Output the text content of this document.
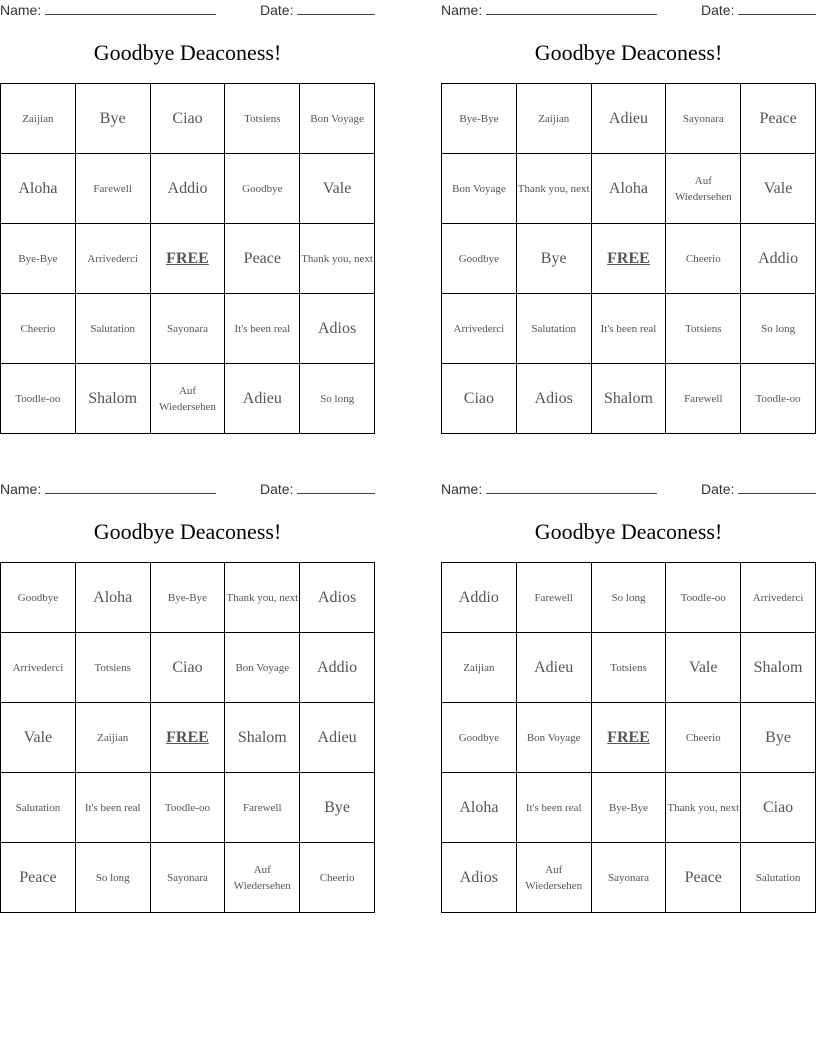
Name:	Date:
Goodbye Deaconess!
Zaijian	Bye	Ciao	Totsiens	Bon Voyage
Aloha	Farewell	Addio	Goodbye	Vale
Bye-Bye	Arrivederci	FREE	Peace	Thank you, next
Cheerio	Salutation	Sayonara	It's been real	Adios
Toodle-oo	Shalom	Auf Wiedersehen	Adieu	So long
Name:	Date:
Goodbye Deaconess!
Bye-Bye	Zaijian	Adieu	Sayonara	Peace
Bon Voyage	Thank you, next	Aloha	Auf Wiedersehen	Vale
Goodbye	Bye	FREE	Cheerio	Addio
Arrivederci	Salutation	It's been real	Totsiens	So long
Ciao	Adios	Shalom	Farewell	Toodle-oo
Name:	Date:
Goodbye Deaconess!
Goodbye	Aloha	Bye-Bye	Thank you, next	Adios
Arrivederci	Totsiens	Ciao	Bon Voyage	Addio
Vale	Zaijian	FREE	Shalom	Adieu
Salutation	It's been real	Toodle-oo	Farewell	Bye
Peace	So long	Sayonara	Auf Wiedersehen	Cheerio
Name:	Date:
Goodbye Deaconess!
Addio	Farewell	So long	Toodle-oo	Arrivederci
Zaijian	Adieu	Totsiens	Vale	Shalom
Goodbye	Bon Voyage	FREE	Cheerio	Bye
Aloha	It's been real	Bye-Bye	Thank you, next	Ciao
Adios	Auf Wiedersehen	Sayonara	Peace	Salutation
